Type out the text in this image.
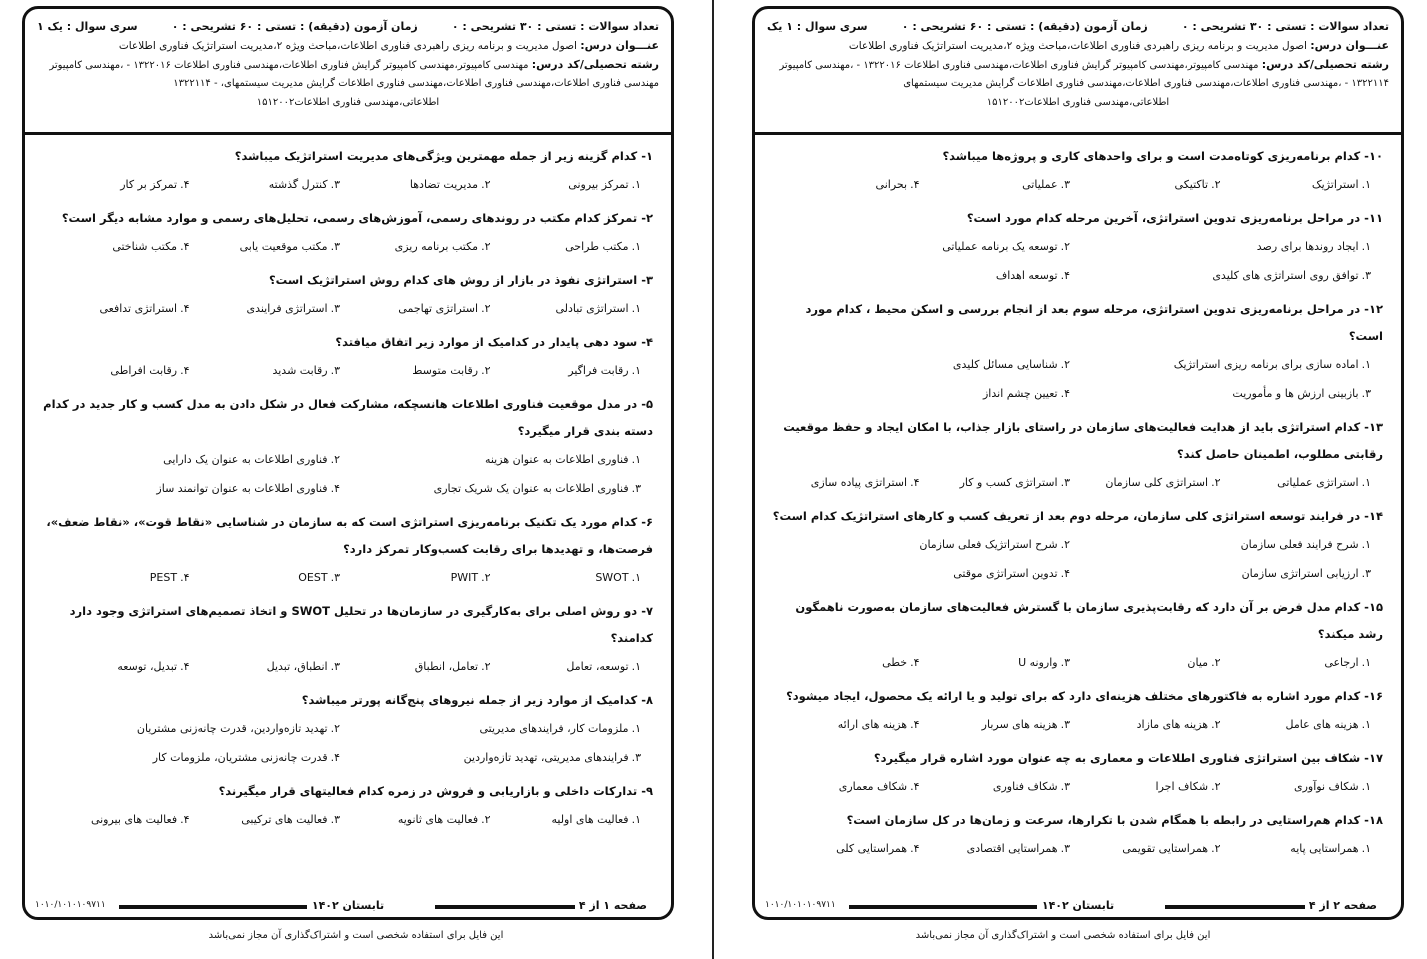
تعداد سوالات : تستی : ۳۰ تشریحی : ۰
زمان آزمون (دقیقه) : تستی : ۶۰ تشریحی : ۰
سری سوال : یک ۱
عنـــوان درس: اصول مدیریت و برنامه ریزی راهبردی فناوری اطلاعات،مباحث ویژه ۲،مدیریت استراتژیک فناوری اطلاعات
رشته تحصیلی/کد درس: مهندسی کامپیوتر،مهندسی کامپیوتر گرایش فناوری اطلاعات،مهندسی فناوری اطلاعات ۱۳۲۲۰۱۶ - ،مهندسی کامپیوتر
مهندسی فناوری اطلاعات،مهندسی فناوری اطلاعات،مهندسی فناوری اطلاعات گرایش مدیریت سیستمهای، - ۱۳۲۲۱۱۴
اطلاعاتی،مهندسی فناوری اطلاعات۱۵۱۲۰۰۲
۱-کدام گزینه زیر از جمله مهمترین ویژگی‌های مدیریت استراتژیک میباشد؟
۱.تمرکز بیرونی
۲.مدیریت تضادها
۳.کنترل گذشته
۴.تمرکز بر کار
۲-تمرکز کدام مکتب در روندهای رسمی، آموزش‌های رسمی، تحلیل‌های رسمی و موارد مشابه دیگر است؟
۱.مکتب طراحی
۲.مکتب برنامه ریزی
۳.مکتب موقعیت یابی
۴.مکتب شناختی
۳-استراتژی نفوذ در بازار از روش های کدام روش استراتژیک است؟
۱.استراتژی تبادلی
۲.استراتژی تهاجمی
۳.استراتژی فرایندی
۴.استراتژی تدافعی
۴-سود دهی پایدار در کدامیک از موارد زیر اتفاق میافتد؟
۱.رقابت فراگیر
۲.رقابت متوسط
۳.رقابت شدید
۴.رقابت افراطی
۵-در مدل موقعیت فناوری اطلاعات هانسچکه، مشارکت فعال در شکل دادن به مدل کسب و کار جدید در کدام دسته بندی قرار میگیرد؟
۱.فناوری اطلاعات به عنوان هزینه
۲.فناوری اطلاعات به عنوان یک دارایی
۳.فناوری اطلاعات به عنوان یک شریک تجاری
۴.فناوری اطلاعات به عنوان توانمند ساز
۶-کدام مورد یک تکنیک برنامه‌ریزی استراتژی است که به سازمان در شناسایی «نقاط قوت»، «نقاط ضعف»، فرصت‌ها، و تهدیدها برای رقابت کسب‌وکار تمرکز دارد؟
۱.SWOT
۲.PWIT
۳.OEST
۴.PEST
۷-دو روش اصلی برای به‌کارگیری در سازمان‌ها در تحلیل SWOT و اتخاذ تصمیم‌های استراتژی وجود دارد کدامند؟
۱.توسعه، تعامل
۲.تعامل، انطباق
۳.انطباق، تبدیل
۴.تبدیل، توسعه
۸-کدامیک از موارد زیر از جمله نیروهای پنج‌گانه پورتر میباشد؟
۱.ملزومات کار، فرایندهای مدیریتی
۲.تهدید تازه‌واردین، قدرت چانه‌زنی مشتریان
۳.فرایندهای مدیریتی، تهدید تازه‌واردین
۴.قدرت چانه‌زنی مشتریان، ملزومات کار
۹-تدارکات داخلی و بازاریابی و فروش در زمره کدام فعالیتهای قرار میگیرند؟
۱.فعالیت های اولیه
۲.فعالیت های ثانویه
۳.فعالیت های ترکیبی
۴.فعالیت های بیرونی
صفحه ۱ از ۴
تابستان ۱۴۰۲
۱۰۱۰/۱۰۱۰۱۰۹۷۱۱
این فایل برای استفاده شخصی است و اشتراک‌گذاری آن مجاز نمی‌باشد
تعداد سوالات : تستی : ۳۰ تشریحی : ۰
زمان آزمون (دقیقه) : تستی : ۶۰ تشریحی : ۰
سری سوال : ۱ یک
عنـــوان درس: اصول مدیریت و برنامه ریزی راهبردی فناوری اطلاعات،مباحث ویژه ۲،مدیریت استراتژیک فناوری اطلاعات
رشته تحصیلی/کد درس: مهندسی کامپیوتر،مهندسی کامپیوتر گرایش فناوری اطلاعات،مهندسی فناوری اطلاعات ۱۳۲۲۰۱۶ - ،مهندسی کامپیوتر
۱۳۲۲۱۱۴ - ،مهندسی فناوری اطلاعات،مهندسی فناوری اطلاعات،مهندسی فناوری اطلاعات گرایش مدیریت سیستمهای
اطلاعاتی،مهندسی فناوری اطلاعات۱۵۱۲۰۰۲
۱۰-کدام برنامه‌ریزی کوتاه‌مدت است و برای واحدهای کاری و پروژه‌ها میباشد؟
۱.استراتژیک
۲.تاکتیکی
۳.عملیاتی
۴.بحرانی
۱۱-در مراحل برنامه‌ریزی تدوین استراتژی، آخرین مرحله کدام مورد است؟
۱.ایجاد روندها برای رصد
۲.توسعه یک برنامه عملیاتی
۳.توافق روی استراتژی های کلیدی
۴.توسعه اهداف
۱۲-در مراحل برنامه‌ریزی تدوین استراتژی، مرحله سوم بعد از انجام بررسی و اسکن محیط ، کدام مورد است؟
۱.اماده سازی برای برنامه ریزی استراتژیک
۲.شناسایی مسائل کلیدی
۳.بازبینی ارزش ها و مأموریت
۴.تعیین چشم انداز
۱۳-کدام استراتژی باید از هدایت فعالیت‌های سازمان در راستای بازار جذاب، با امکان ایجاد و حفظ موقعیت رقابتی مطلوب، اطمینان حاصل کند؟
۱.استراتژی عملیاتی
۲.استراتژی کلی سازمان
۳.استراتژی کسب و کار
۴.استراتژی پیاده سازی
۱۴-در فرایند توسعه استراتژی کلی سازمان، مرحله دوم بعد از تعریف کسب و کارهای استراتژیک کدام است؟
۱.شرح فرایند فعلی سازمان
۲.شرح استراتژیک فعلی سازمان
۳.ارزیابی استراتژی سازمان
۴.تدوین استراتژی موقتی
۱۵-کدام مدل فرض بر آن دارد که رقابت‌پذیری سازمان با گسترش فعالیت‌های سازمان به‌صورت ناهمگون رشد میکند؟
۱.ارجاعی
۲.میان
۳.وارونه U
۴.خطی
۱۶-کدام مورد اشاره به فاکتورهای مختلف هزینه‌ای دارد که برای تولید و یا ارائه یک محصول، ایجاد میشود؟
۱.هزینه های عامل
۲.هزینه های مازاد
۳.هزینه های سربار
۴.هزینه های ارائه
۱۷-شکاف بین استراتژی فناوری اطلاعات و معماری به چه عنوان مورد اشاره قرار میگیرد؟
۱.شکاف نوآوری
۲.شکاف اجرا
۳.شکاف فناوری
۴.شکاف معماری
۱۸-کدام هم‌راستایی در رابطه با همگام شدن با تکرارها، سرعت و زمان‌ها در کل سازمان است؟
۱.همراستایی پایه
۲.همراستایی تقویمی
۳.همراستایی اقتصادی
۴.همراستایی کلی
صفحه ۲ از ۴
تابستان ۱۴۰۲
۱۰۱۰/۱۰۱۰۱۰۹۷۱۱
این فایل برای استفاده شخصی است و اشتراک‌گذاری آن مجاز نمی‌باشد
